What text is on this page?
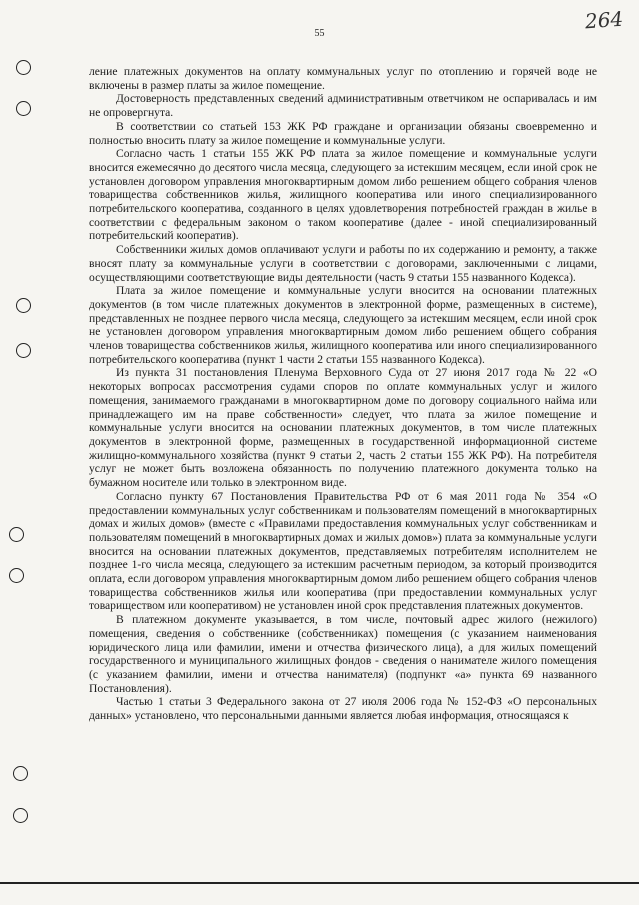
264
55

ление платежных документов на оплату коммунальных услуг по отоплению и горячей воде не включены в размер платы за жилое помещение.

Достоверность представленных сведений административным ответчиком не оспаривалась и им не опровергнута.

В соответствии со статьей 153 ЖК РФ граждане и организации обязаны своевременно и полностью вносить плату за жилое помещение и коммунальные услуги.

Согласно часть 1 статьи 155 ЖК РФ плата за жилое помещение и коммунальные услуги вносится ежемесячно до десятого числа месяца, следующего за истекшим месяцем, если иной срок не установлен договором управления многоквартирным домом либо решением общего собрания членов товарищества собственников жилья, жилищного кооператива или иного специализированного потребительского кооператива, созданного в целях удовлетворения потребностей граждан в жилье в соответствии с федеральным законом о таком кооперативе (далее - иной специализированный потребительский кооператив).

Собственники жилых домов оплачивают услуги и работы по их содержанию и ремонту, а также вносят плату за коммунальные услуги в соответствии с договорами, заключенными с лицами, осуществляющими соответствующие виды деятельности (часть 9 статьи 155 названного Кодекса).

Плата за жилое помещение и коммунальные услуги вносится на основании платежных документов (в том числе платежных документов в электронной форме, размещенных в системе), представленных не позднее первого числа месяца, следующего за истекшим месяцем, если иной срок не установлен договором управления многоквартирным домом либо решением общего собрания членов товарищества собственников жилья, жилищного кооператива или иного специализированного потребительского кооператива (пункт 1 части 2 статьи 155 названного Кодекса).

Из пункта 31 постановления Пленума Верховного Суда от 27 июня 2017 года № 22 «О некоторых вопросах рассмотрения судами споров по оплате коммунальных услуг и жилого помещения, занимаемого гражданами в многоквартирном доме по договору социального найма или принадлежащего им на праве собственности» следует, что плата за жилое помещение и коммунальные услуги вносится на основании платежных документов, в том числе платежных документов в электронной форме, размещенных в государственной информационной системе жилищно-коммунального хозяйства (пункт 9 статьи 2, часть 2 статьи 155 ЖК РФ). На потребителя услуг не может быть возложена обязанность по получению платежного документа только на бумажном носителе или только в электронном виде.

Согласно пункту 67 Постановления Правительства РФ от 6 мая 2011 года № 354 «О предоставлении коммунальных услуг собственникам и пользователям помещений в многоквартирных домах и жилых домов» (вместе с «Правилами предоставления коммунальных услуг собственникам и пользователям помещений в многоквартирных домах и жилых домов») плата за коммунальные услуги вносится на основании платежных документов, представляемых потребителям исполнителем не позднее 1-го числа месяца, следующего за истекшим расчетным периодом, за который производится оплата, если договором управления многоквартирным домом либо решением общего собрания членов товарищества собственников жилья или кооператива (при предоставлении коммунальных услуг товариществом или кооперативом) не установлен иной срок представления платежных документов.

В платежном документе указывается, в том числе, почтовый адрес жилого (нежилого) помещения, сведения о собственнике (собственниках) помещения (с указанием наименования юридического лица или фамилии, имени и отчества физического лица), а для жилых помещений государственного и муниципального жилищных фондов - сведения о нанимателе жилого помещения (с указанием фамилии, имени и отчества нанимателя) (подпункт «а» пункта 69 названного Постановления).

Частью 1 статьи 3 Федерального закона от 27 июля 2006 года № 152-ФЗ «О персональных данных» установлено, что персональными данными является любая информация, относящаяся к
